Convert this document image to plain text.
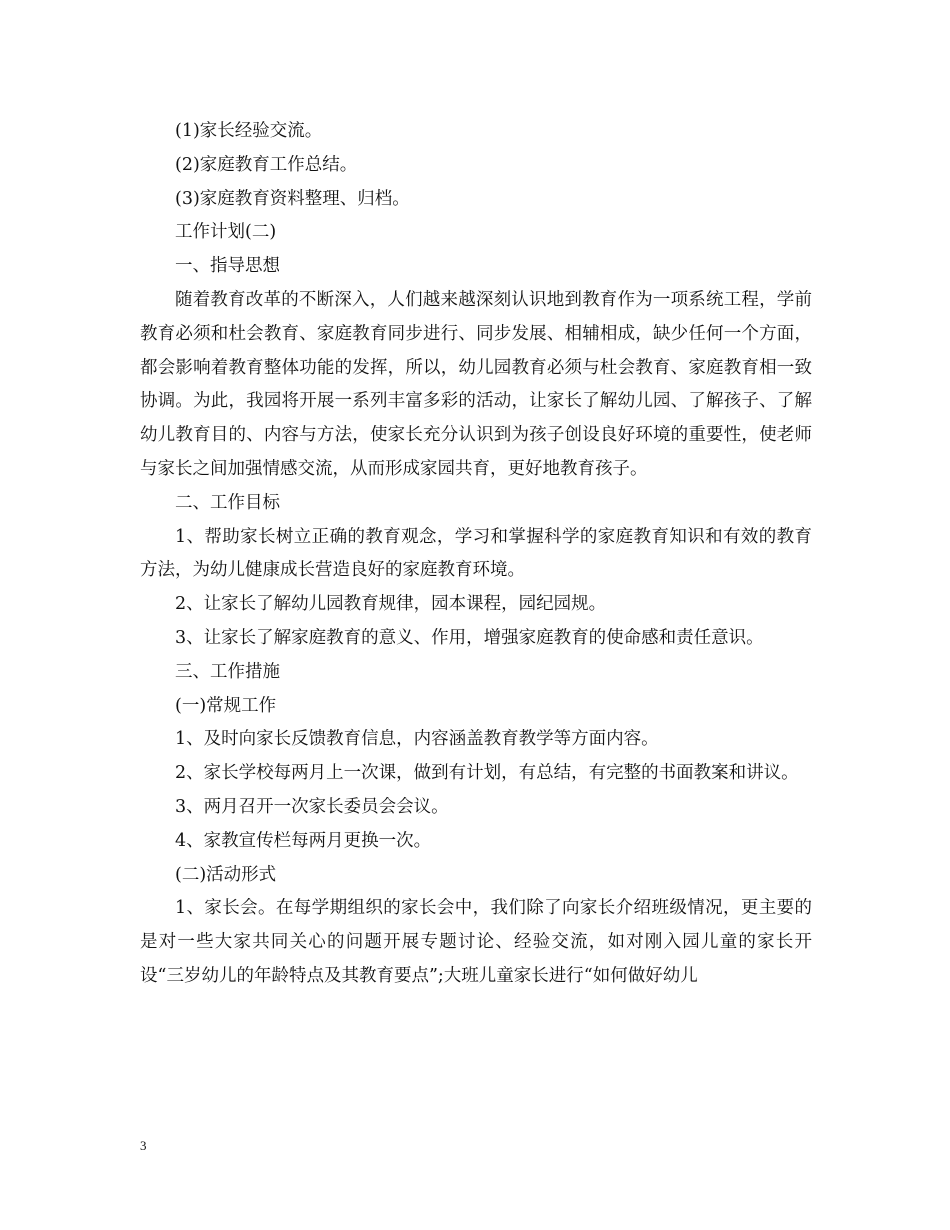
(1)家长经验交流。

(2)家庭教育工作总结。

(3)家庭教育资料整理、归档。

工作计划(二)

一、指导思想

随着教育改革的不断深入，人们越来越深刻认识地到教育作为一项系统工程，学前教育必须和杜会教育、家庭教育同步进行、同步发展、相辅相成，缺少任何一个方面，都会影响着教育整体功能的发挥，所以，幼儿园教育必须与杜会教育、家庭教育相一致协调。为此，我园将开展一系列丰富多彩的活动，让家长了解幼儿园、了解孩子、了解幼儿教育目的、内容与方法，使家长充分认识到为孩子创设良好环境的重要性，使老师与家长之间加强情感交流，从而形成家园共育，更好地教育孩子。

二、工作目标

1、帮助家长树立正确的教育观念，学习和掌握科学的家庭教育知识和有效的教育方法，为幼儿健康成长营造良好的家庭教育环境。

2、让家长了解幼儿园教育规律，园本课程，园纪园规。

3、让家长了解家庭教育的意义、作用，增强家庭教育的使命感和责任意识。

三、工作措施

(一)常规工作

1、及时向家长反馈教育信息，内容涵盖教育教学等方面内容。

2、家长学校每两月上一次课，做到有计划，有总结，有完整的书面教案和讲议。

3、两月召开一次家长委员会会议。

4、家教宣传栏每两月更换一次。

(二)活动形式

1、家长会。在每学期组织的家长会中，我们除了向家长介绍班级情况，更主要的是对一些大家共同关心的问题开展专题讨论、经验交流，如对刚入园儿童的家长开设“三岁幼儿的年龄特点及其教育要点”;大班儿童家长进行“如何做好幼儿

3
